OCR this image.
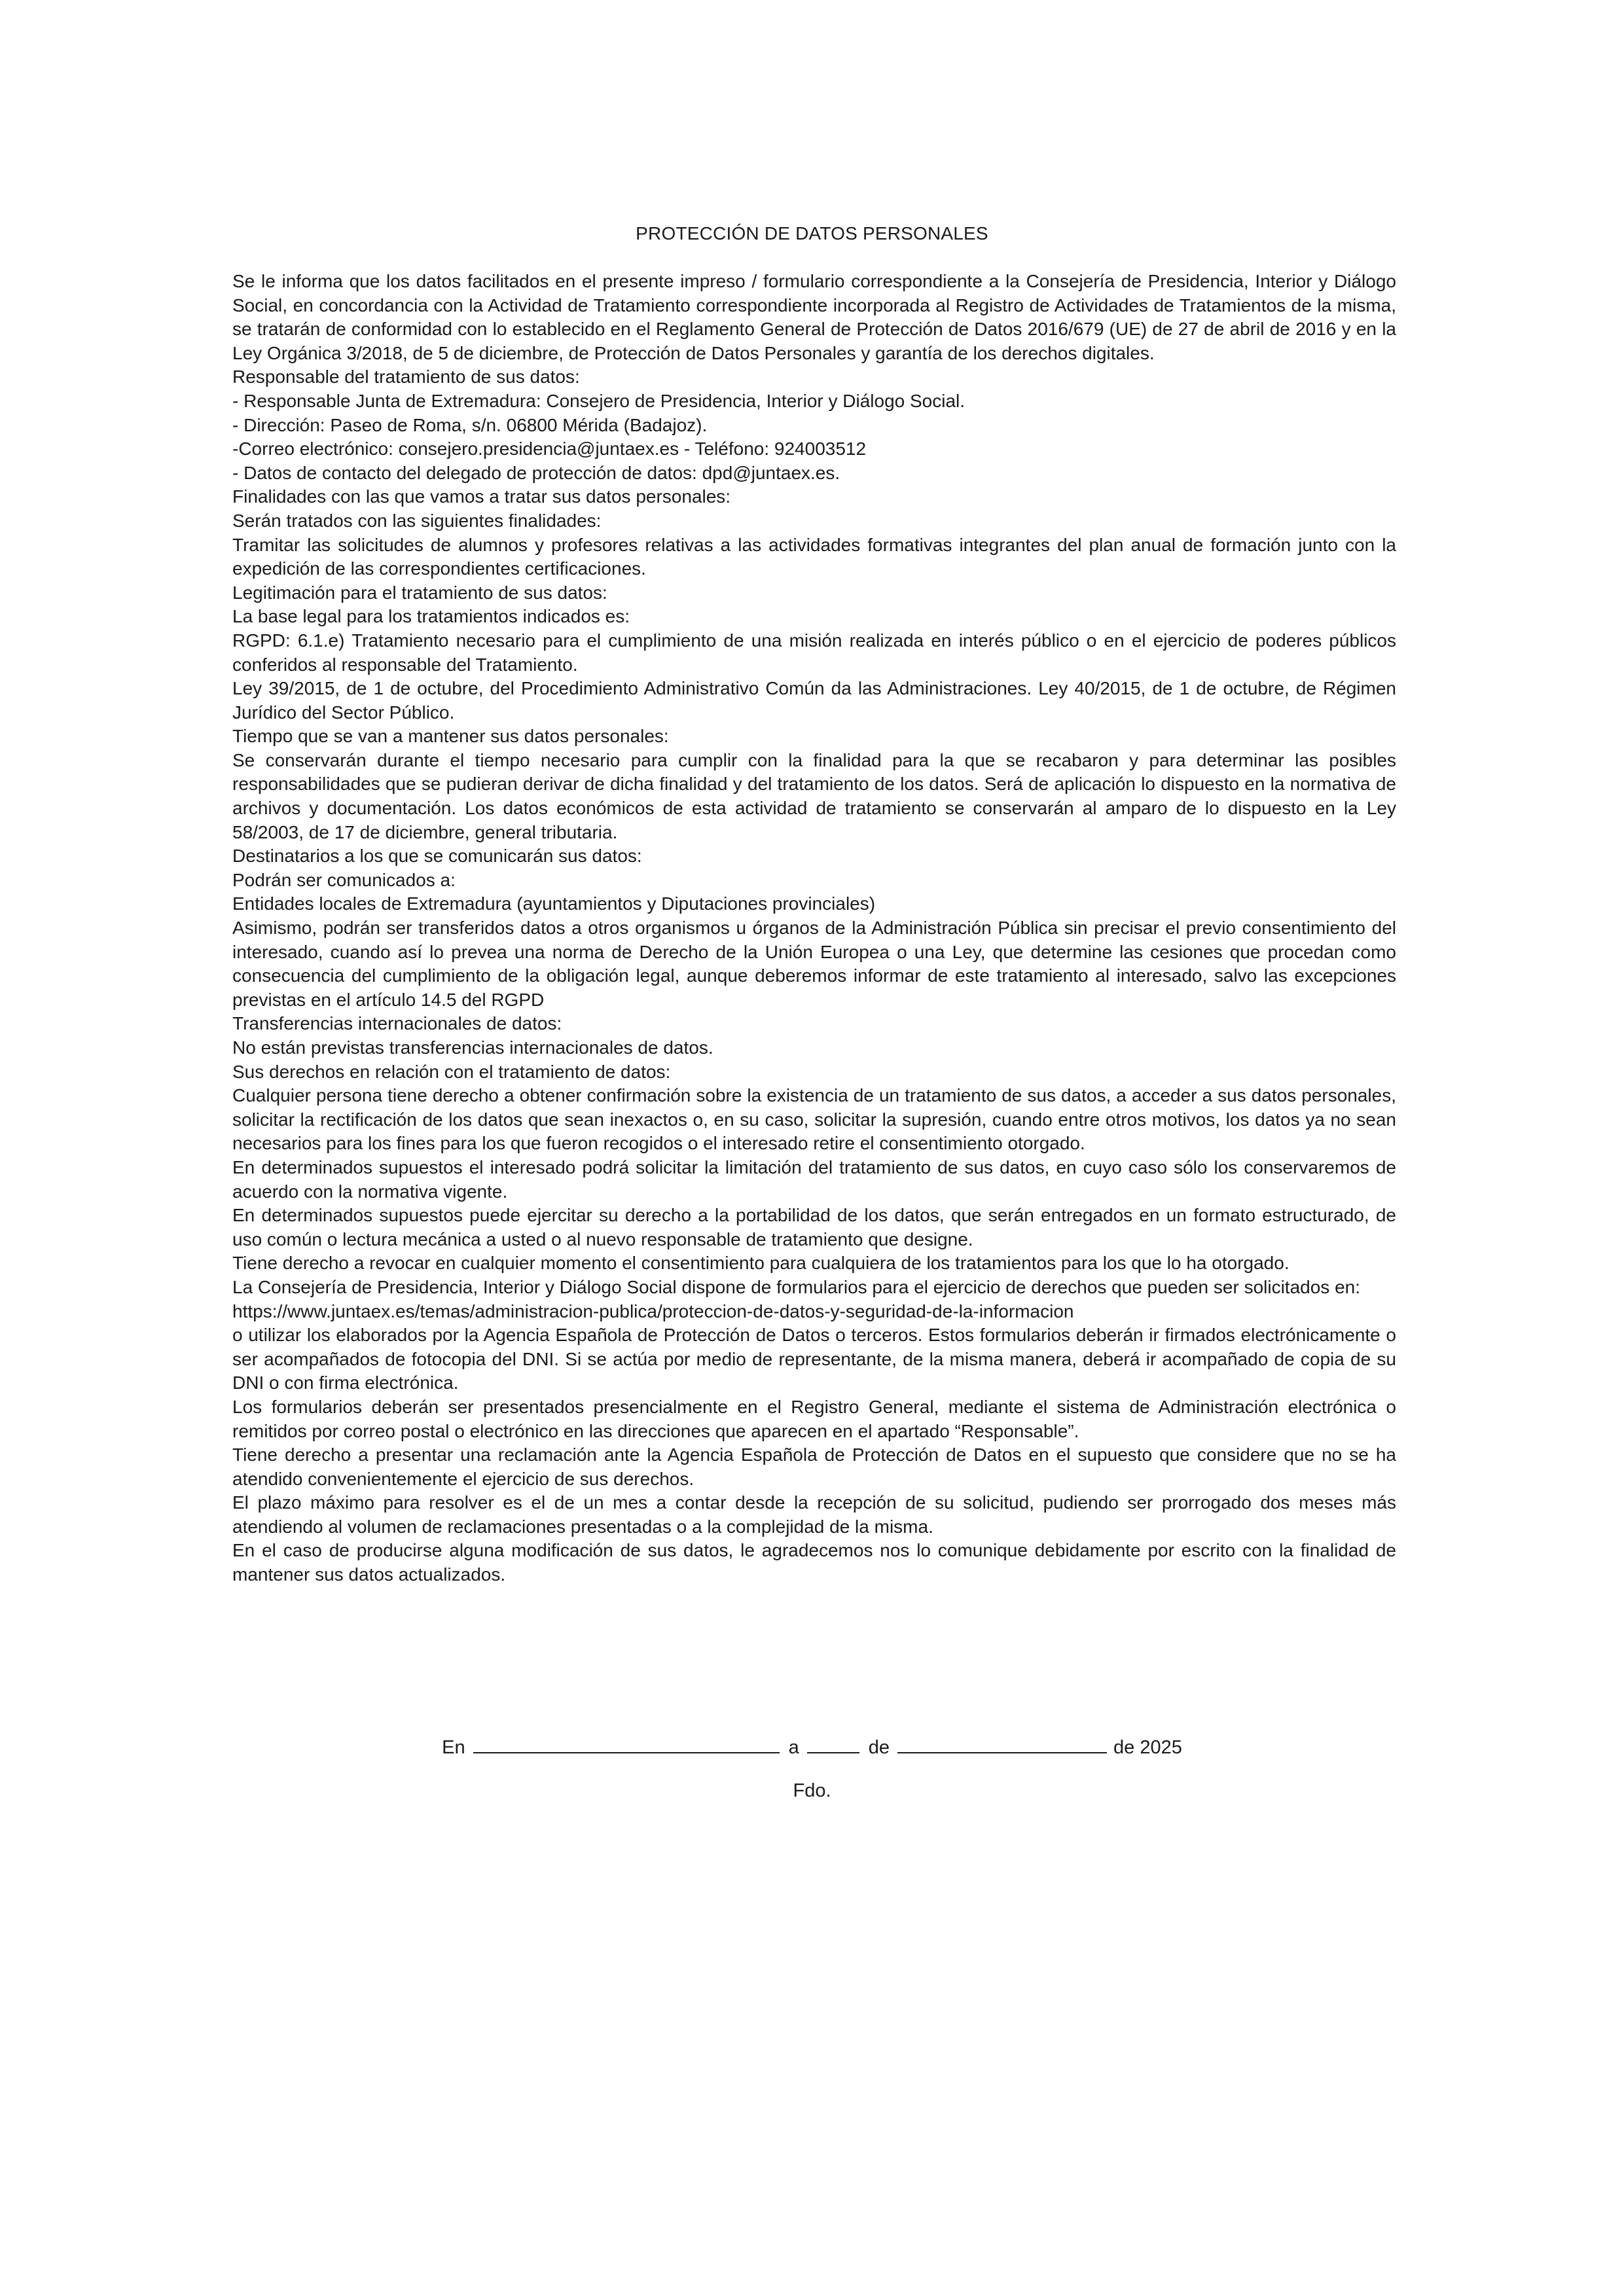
PROTECCIÓN DE DATOS PERSONALES

Se le informa que los datos facilitados en el presente impreso / formulario correspondiente a la Consejería de Presidencia, Interior y Diálogo Social, en concordancia con la Actividad de Tratamiento correspondiente incorporada al Registro de Actividades de Tratamientos de la misma, se tratarán de conformidad con lo establecido en el Reglamento General de Protección de Datos 2016/679 (UE) de 27 de abril de 2016 y en la Ley Orgánica 3/2018, de 5 de diciembre, de Protección de Datos Personales y garantía de los derechos digitales.

Responsable del tratamiento de sus datos:

- Responsable Junta de Extremadura: Consejero de Presidencia, Interior y Diálogo Social.

- Dirección: Paseo de Roma, s/n. 06800 Mérida (Badajoz).

-Correo electrónico: consejero.presidencia@juntaex.es - Teléfono: 924003512

- Datos de contacto del delegado de protección de datos: dpd@juntaex.es.

Finalidades con las que vamos a tratar sus datos personales:

Serán tratados con las siguientes finalidades:

Tramitar las solicitudes de alumnos y profesores relativas a las actividades formativas integrantes del plan anual de formación junto con la expedición de las correspondientes certificaciones.

Legitimación para el tratamiento de sus datos:

La base legal para los tratamientos indicados es:

RGPD: 6.1.e) Tratamiento necesario para el cumplimiento de una misión realizada en interés público o en el ejercicio de poderes públicos conferidos al responsable del Tratamiento.

Ley 39/2015, de 1 de octubre, del Procedimiento Administrativo Común da las Administraciones. Ley 40/2015, de 1 de octubre, de Régimen Jurídico del Sector Público.

Tiempo que se van a mantener sus datos personales:

Se conservarán durante el tiempo necesario para cumplir con la finalidad para la que se recabaron y para determinar las posibles responsabilidades que se pudieran derivar de dicha finalidad y del tratamiento de los datos. Será de aplicación lo dispuesto en la normativa de archivos y documentación. Los datos económicos de esta actividad de tratamiento se conservarán al amparo de lo dispuesto en la Ley 58/2003, de 17 de diciembre, general tributaria.

Destinatarios a los que se comunicarán sus datos:

Podrán ser comunicados a:

Entidades locales de Extremadura (ayuntamientos y Diputaciones provinciales)

Asimismo, podrán ser transferidos datos a otros organismos u órganos de la Administración Pública sin precisar el previo consentimiento del interesado, cuando así lo prevea una norma de Derecho de la Unión Europea o una Ley, que determine las cesiones que procedan como consecuencia del cumplimiento de la obligación legal, aunque deberemos informar de este tratamiento al interesado, salvo las excepciones previstas en el artículo 14.5 del RGPD

Transferencias internacionales de datos:

No están previstas transferencias internacionales de datos.

Sus derechos en relación con el tratamiento de datos:

Cualquier persona tiene derecho a obtener confirmación sobre la existencia de un tratamiento de sus datos, a acceder a sus datos personales, solicitar la rectificación de los datos que sean inexactos o, en su caso, solicitar la supresión, cuando entre otros motivos, los datos ya no sean necesarios para los fines para los que fueron recogidos o el interesado retire el consentimiento otorgado.

En determinados supuestos el interesado podrá solicitar la limitación del tratamiento de sus datos, en cuyo caso sólo los conservaremos de acuerdo con la normativa vigente.

En determinados supuestos puede ejercitar su derecho a la portabilidad de los datos, que serán entregados en un formato estructurado, de uso común o lectura mecánica a usted o al nuevo responsable de tratamiento que designe.

Tiene derecho a revocar en cualquier momento el consentimiento para cualquiera de los tratamientos para los que lo ha otorgado.

La Consejería de Presidencia, Interior y Diálogo Social dispone de formularios para el ejercicio de derechos que pueden ser solicitados en:

https://www.juntaex.es/temas/administracion-publica/proteccion-de-datos-y-seguridad-de-la-informacion

o utilizar los elaborados por la Agencia Española de Protección de Datos o terceros. Estos formularios deberán ir firmados electrónicamente o ser acompañados de fotocopia del DNI. Si se actúa por medio de representante, de la misma manera, deberá ir acompañado de copia de su DNI o con firma electrónica.

Los formularios deberán ser presentados presencialmente en el Registro General, mediante el sistema de Administración electrónica o remitidos por correo postal o electrónico en las direcciones que aparecen en el apartado “Responsable”.

Tiene derecho a presentar una reclamación ante la Agencia Española de Protección de Datos en el supuesto que considere que no se ha atendido convenientemente el ejercicio de sus derechos.

El plazo máximo para resolver es el de un mes a contar desde la recepción de su solicitud, pudiendo ser prorrogado dos meses más atendiendo al volumen de reclamaciones presentadas o a la complejidad de la misma.

En el caso de producirse alguna modificación de sus datos, le agradecemos nos lo comunique debidamente por escrito con la finalidad de mantener sus datos actualizados.

En	a	de	de 2025
Fdo.
